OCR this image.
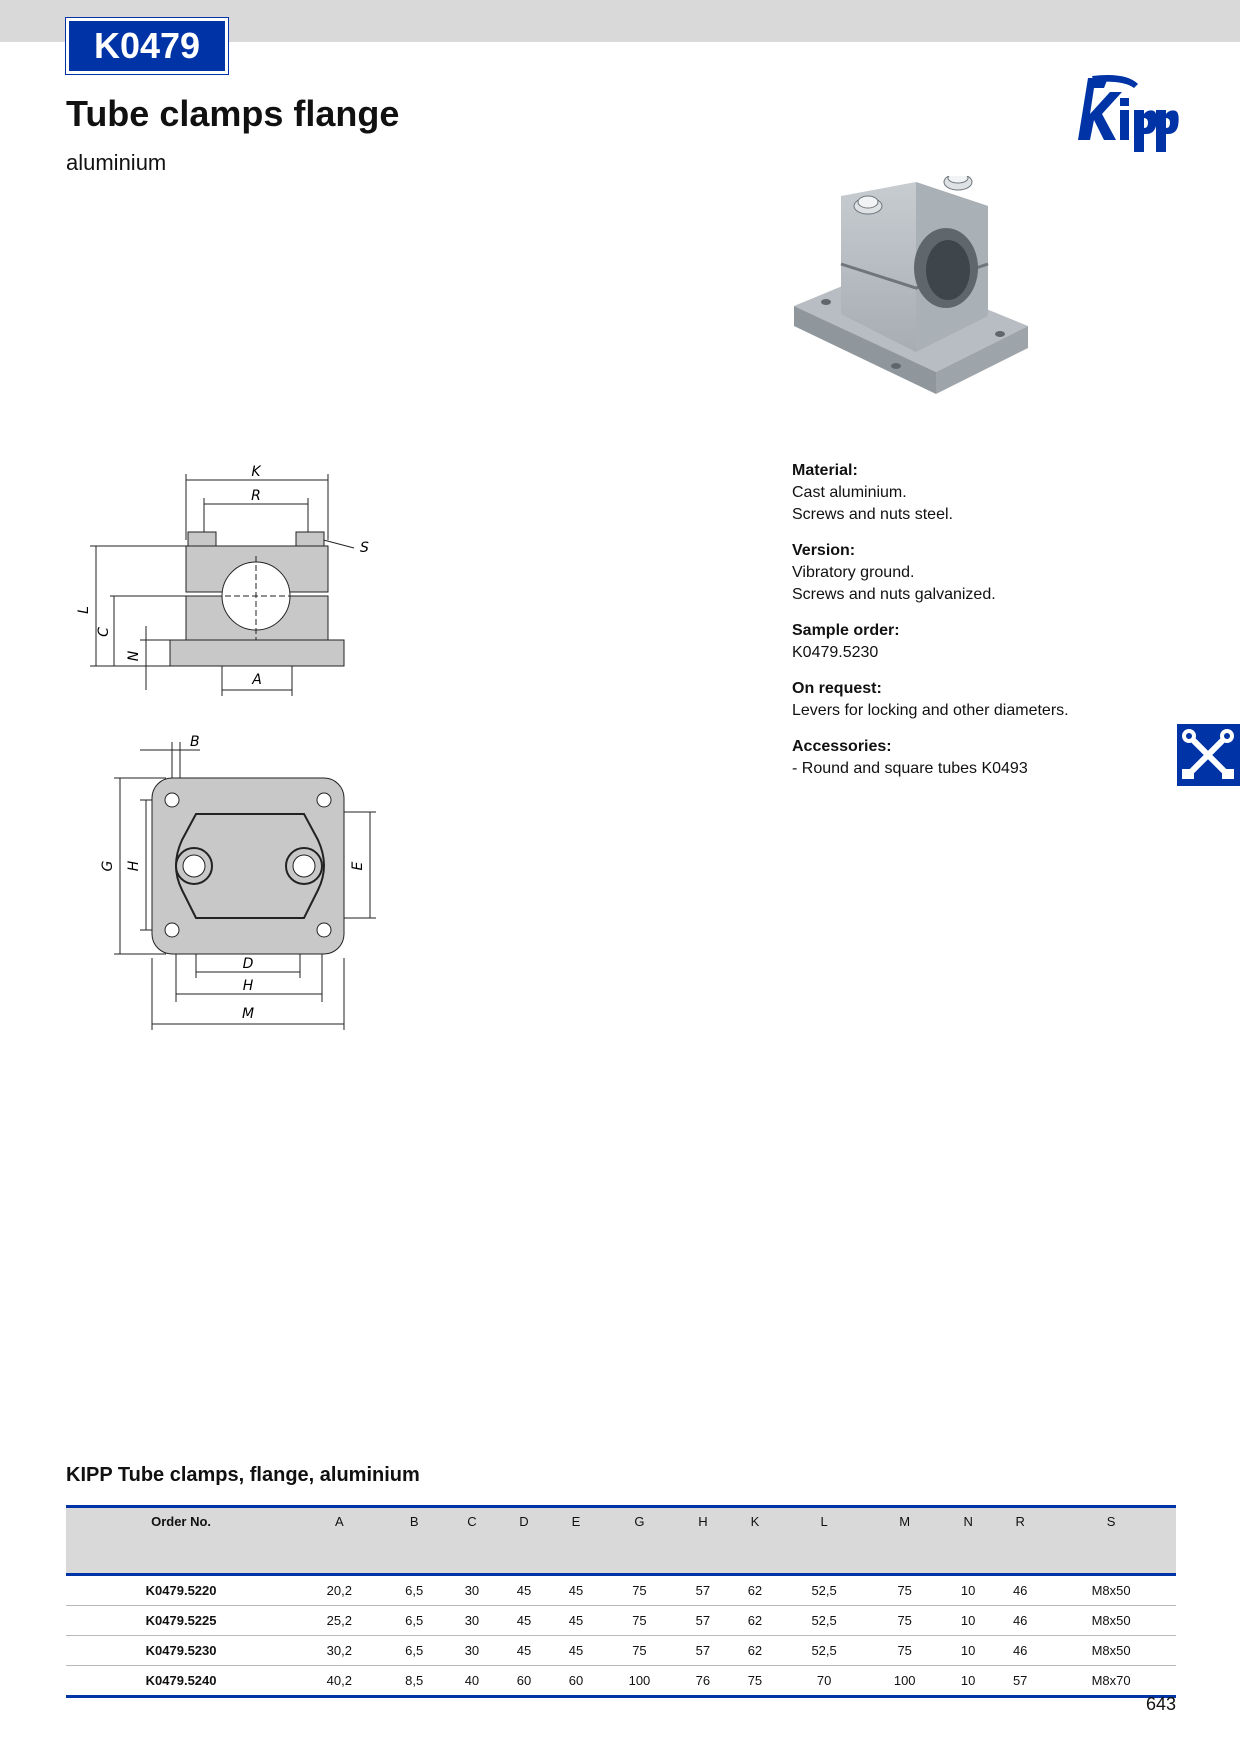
K0479
Tube clamps flange
aluminium
K
R
S
L
C
N
A
B
G H	E
D
H
M
Material:
Cast aluminium.
Screws and nuts steel.
Version:
Vibratory ground.
Screws and nuts galvanized.
Sample order:
K0479.5230
On request:
Levers for locking and other diameters.
Accessories:
- Round and square tubes K0493
KIPP Tube clamps, flange, aluminium
Order No.	A	B	C	D	E	G	H	K	L	M	N	R	S
K0479.5220	20,2	6,5	30	45	45	75	57	62	52,5	75	10	46	M8x50
K0479.5225	25,2	6,5	30	45	45	75	57	62	52,5	75	10	46	M8x50
K0479.5230	30,2	6,5	30	45	45	75	57	62	52,5	75	10	46	M8x50
K0479.5240	40,2	8,5	40	60	60	100	76	75	70	100	10	57	M8x70
643
